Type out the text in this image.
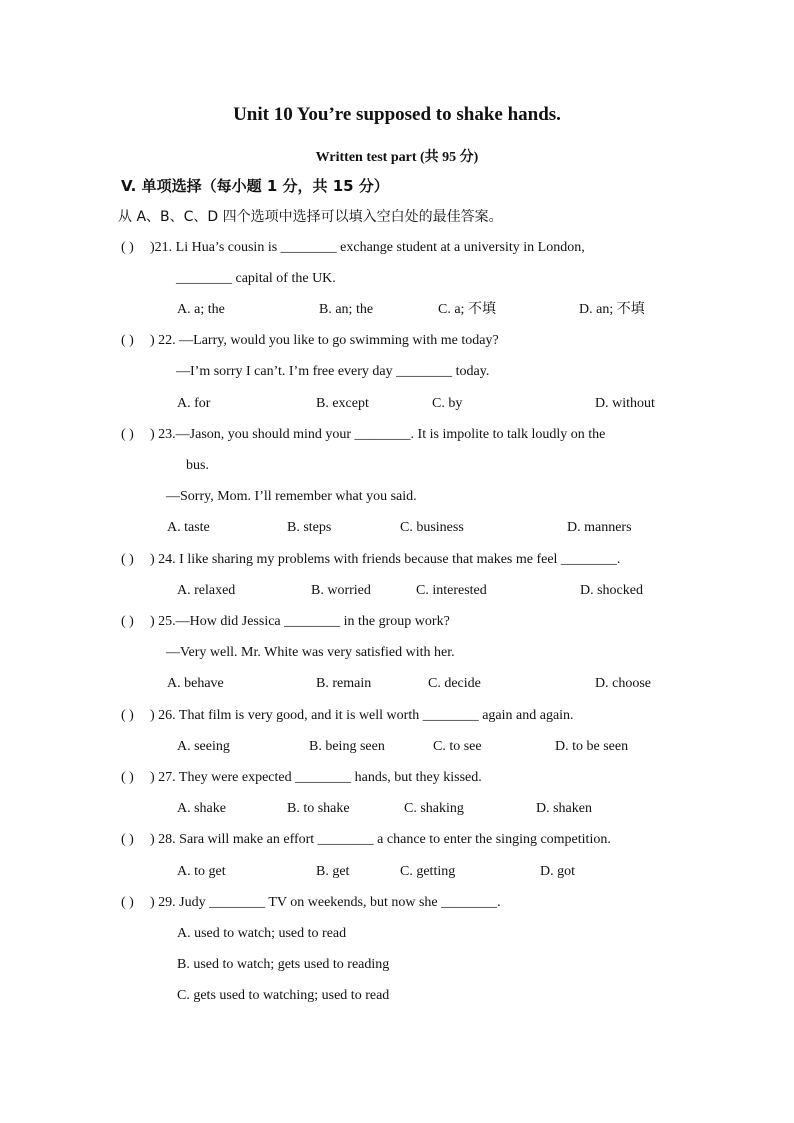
Unit 10 You’re supposed to shake hands.
Written test part (共 95 分)
V. 单项选择（每小题 1 分，共 15 分）
从 A、B、C、D 四个选项中选择可以填入空白处的最佳答案。
( ) )21. Li Hua’s cousin is ________ exchange student at a university in London,
________ capital of the UK.
A. a; the	B. an; the	C. a; 不填	D. an; 不填
( ) ) 22. —Larry, would you like to go swimming with me today?
—I’m sorry I can’t. I’m free every day ________ today.
A. for	B. except	C. by	D. without
( ) ) 23.—Jason, you should mind your ________. It is impolite to talk loudly on the
bus.
—Sorry, Mom. I’ll remember what you said.
A. taste	B. steps	C. business	D. manners
( ) ) 24. I like sharing my problems with friends because that makes me feel ________.
A. relaxed	B. worried	C. interested	D. shocked
( ) ) 25.—How did Jessica ________ in the group work?
—Very well. Mr. White was very satisfied with her.
A. behave	B. remain	C. decide	D. choose
( ) ) 26. That film is very good, and it is well worth ________ again and again.
A. seeing	B. being seen	C. to see	D. to be seen
( ) ) 27. They were expected ________ hands, but they kissed.
A. shake	B. to shake	C. shaking	D. shaken
( ) ) 28. Sara will make an effort ________ a chance to enter the singing competition.
A. to get	B. get	C. getting	D. got
( ) ) 29. Judy ________ TV on weekends, but now she ________.
A. used to watch; used to read
B. used to watch; gets used to reading
C. gets used to watching; used to read
